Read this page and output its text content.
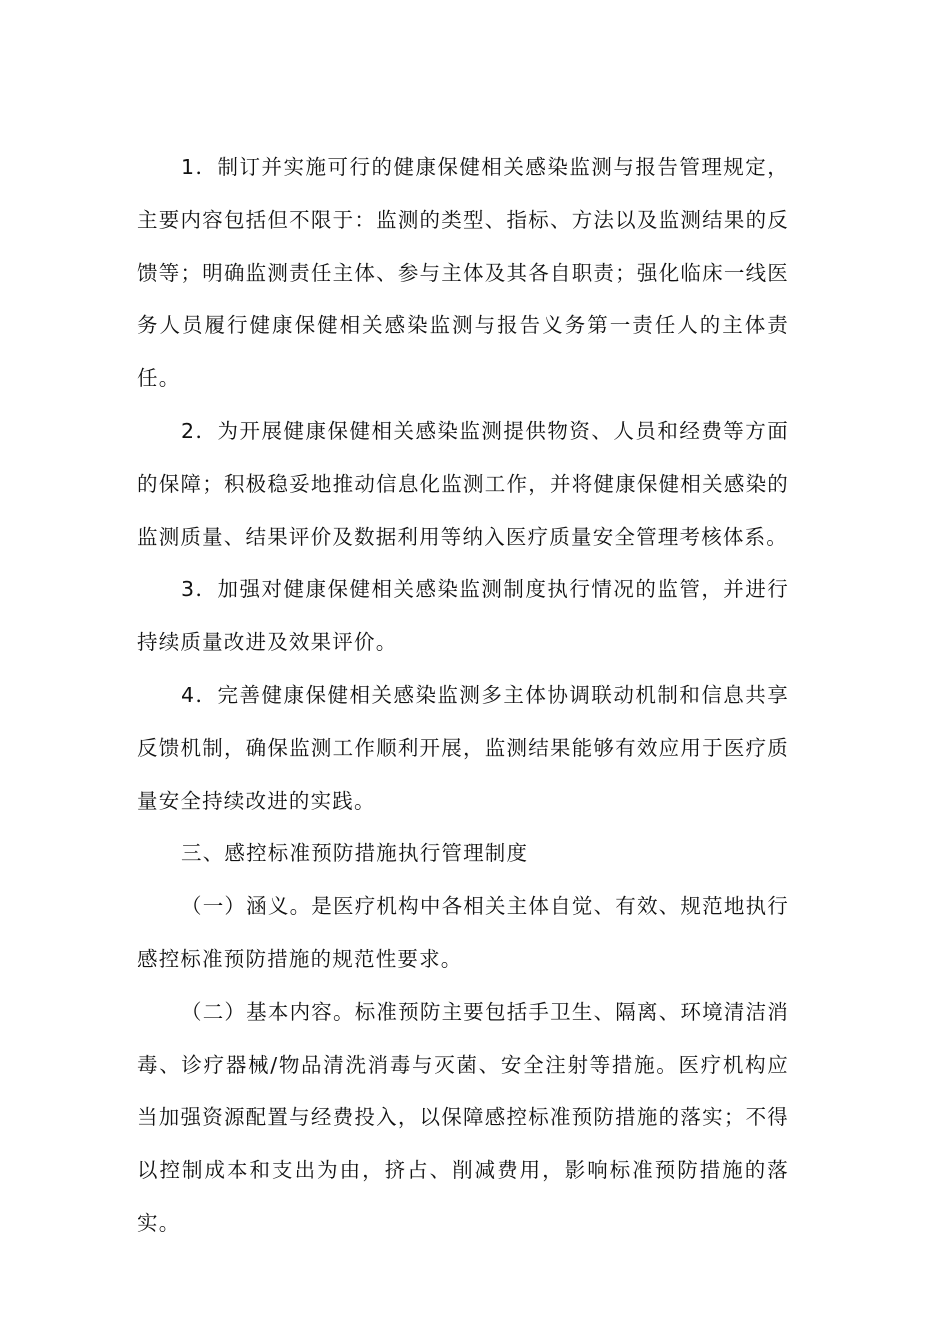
1．制订并实施可行的健康保健相关感染监测与报告管理规定，主要内容包括但不限于：监测的类型、指标、方法以及监测结果的反馈等；明确监测责任主体、参与主体及其各自职责；强化临床一线医务人员履行健康保健相关感染监测与报告义务第一责任人的主体责任。

2．为开展健康保健相关感染监测提供物资、人员和经费等方面的保障；积极稳妥地推动信息化监测工作，并将健康保健相关感染的监测质量、结果评价及数据利用等纳入医疗质量安全管理考核体系。

3．加强对健康保健相关感染监测制度执行情况的监管，并进行持续质量改进及效果评价。

4．完善健康保健相关感染监测多主体协调联动机制和信息共享反馈机制，确保监测工作顺利开展，监测结果能够有效应用于医疗质量安全持续改进的实践。

三、感控标准预防措施执行管理制度

（一）涵义。是医疗机构中各相关主体自觉、有效、规范地执行感控标准预防措施的规范性要求。

（二）基本内容。标准预防主要包括手卫生、隔离、环境清洁消毒、诊疗器械/物品清洗消毒与灭菌、安全注射等措施。医疗机构应当加强资源配置与经费投入，以保障感控标准预防措施的落实；不得以控制成本和支出为由，挤占、削减费用，影响标准预防措施的落实。
